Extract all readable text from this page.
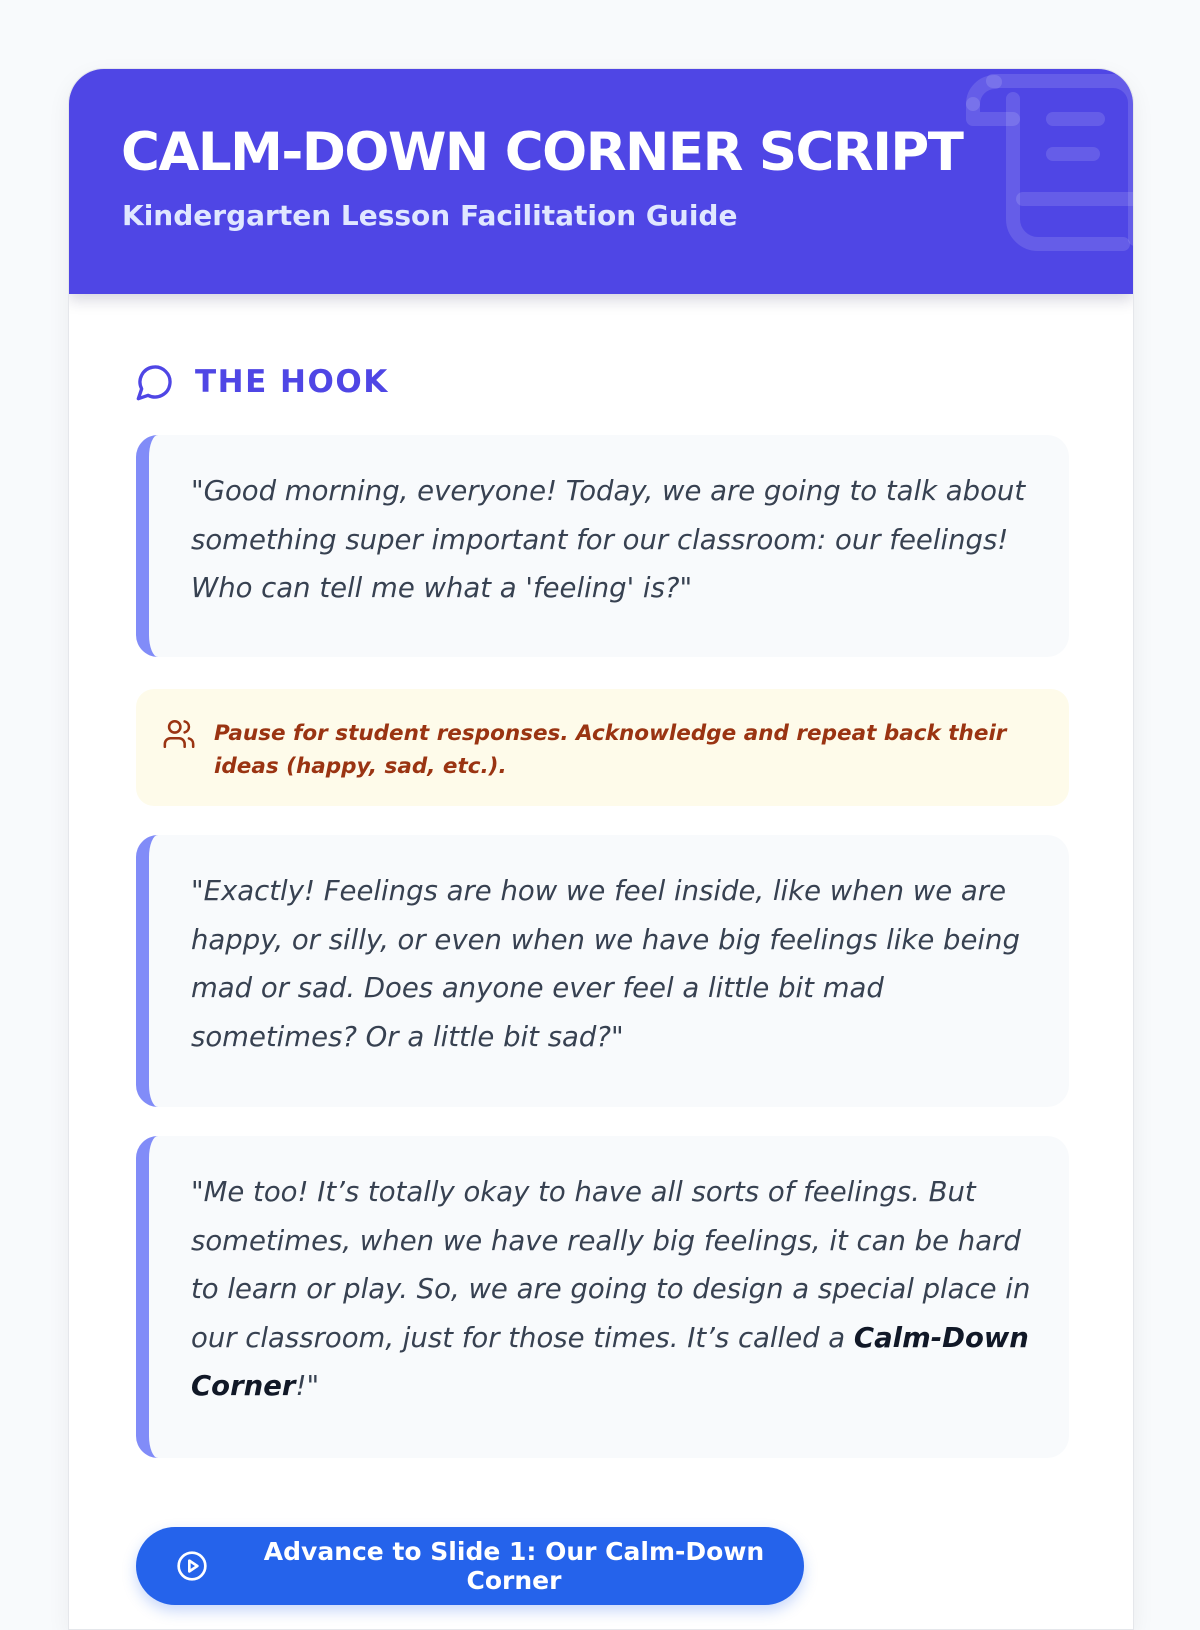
CALM-DOWN CORNER SCRIPT

Kindergarten Lesson Facilitation Guide

THE HOOK

"Good morning, everyone! Today, we are going to talk about something super important for our classroom: our feelings! Who can tell me what a 'feeling' is?"

Pause for student responses. Acknowledge and repeat back their ideas (happy, sad, etc.).

"Exactly! Feelings are how we feel inside, like when we are happy, or silly, or even when we have big feelings like being mad or sad. Does anyone ever feel a little bit mad sometimes? Or a little bit sad?"

"Me too! It’s totally okay to have all sorts of feelings. But sometimes, when we have really big feelings, it can be hard to learn or play. So, we are going to design a special place in our classroom, just for those times. It’s called a Calm-Down Corner!"

Advance to Slide 1: Our Calm-Down Corner
